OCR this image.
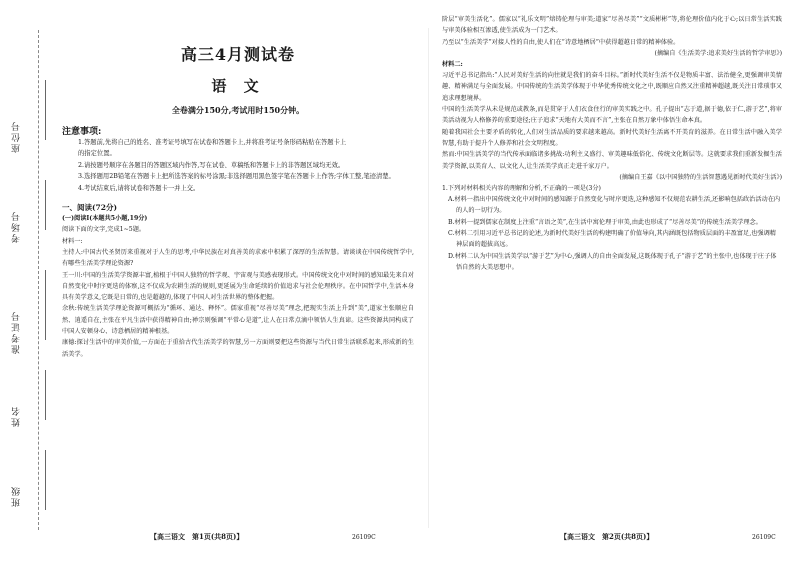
座位号
考场号
准考证号
姓名
班级
高三4月测试卷
语 文
全卷满分150分,考试用时150分钟。
注意事项:
1.答题前,先将自己的姓名、准考证号填写在试卷和答题卡上,并将准考证号条形码粘贴在答题卡上
的指定位置。
2.请按题号顺序在各题目的答题区域内作答,写在试卷、草稿纸和答题卡上的非答题区域均无效。
3.选择题用2B铅笔在答题卡上把所选答案的标号涂黑;非选择题用黑色签字笔在答题卡上作答;字体工整,笔迹清楚。
4.考试结束后,请将试卷和答题卡一并上交。
一、阅读(72分)
(一)阅读Ⅰ(本题共5小题,19分)
阅读下面的文字,完成1~5题。
材料一:
主持人:中国古代圣贤历来重视对于人生的思考,中华民族在对真善美的求索中积累了深厚的生活智慧。请谈谈在中国传统哲学中,有哪些生活美学理论资源?
王一川:中国的生活美学资源丰富,植根于中国人独特的哲学观、宇宙观与美感表现形式。中国传统文化中对时间的感知最先来自对自然变化中时序更迭的体察,这不仅成为农耕生活的规则,更延展为生命延续的价值追求与社会伦理秩序。在中国哲学中,生活本身具有美学意义,它既是日常的,也是超越的,体现了中国人对生活世界的整体把握。
余秋:传统生活美学理论资源可概括为“循环、通达、释怀”。儒家重视“尽善尽美”理念,把现实生活上升到“美”,道家主张顺应自然、逍遥自在,主张在平凡生活中获得精神自由;禅宗则强调“平常心是道”,让人在日常点滴中领悟人生真谛。这些资源共同构成了中国人安顿身心、诗意栖居的精神根基。
康德:探讨生活中的审美价值,一方面在于重拾古代生活美学的智慧,另一方面则要把这些资源与当代日常生活联系起来,形成新的生活美学。
【高三语文　第1页(共8页)】	26109C
阶层“审美生活化”。儒家以“礼乐文明”熔铸伦理与审美;道家“尽善尽美”“文质彬彬”等,将伦理价值内化于心;以日常生活实践与审美体验相互渗透,使生活成为一门艺术。
乃至以“生活美学”对接人性的自由,使人们在“诗意地栖居”中获得超越日常的精神体验。
(摘编自《生活美学:追求美好生活的哲学审思》)
材料二:
习近平总书记指出:“人民对美好生活的向往就是我们的奋斗目标。”新时代美好生活不仅是物质丰富、法治健全,更强调审美情趣、精神满足与全面发展。中国传统的生活美学体现于中华优秀传统文化之中,既顺应自然又注重精神超越,既关注日常琐事又追求理想境界。
中国的生活美学从未是规范或教条,而是贯穿于人们衣食住行的审美实践之中。孔子提出“志于道,据于德,依于仁,游于艺”,将审美活动视为人格修养的重要途径;庄子追求“天地有大美而不言”,主张在自然万象中体悟生命本真。
随着我国社会主要矛盾的转化,人们对生活品质的要求越来越高。新时代美好生活离不开美育的滋养。在日常生活中融入美学智慧,有助于提升个人修养和社会文明程度。
然而:中国生活美学的当代传承面临诸多挑战:功利主义盛行、审美趣味低俗化、传统文化断层等。这就要求我们重新发掘生活美学资源,以美育人、以文化人,让生活美学真正走进千家万户。
(摘编自王嘉《以中国独特的生活智慧遇见新时代美好生活》)
1.下列对材料相关内容的理解和分析,不正确的一项是(3分)
A.材料一指出中国传统文化中对时间的感知源于自然变化与时序更迭,这种感知不仅规范农耕生活,还影响包括政治活动在内的人的一切行为。
B.材料一提到儒家在制度上注重“言语之美”,在生活中寓伦理于审美,由此也形成了“尽善尽美”的传统生活美学理念。
C.材料二引用习近平总书记的论述,为新时代美好生活的构建明确了价值导向,其内涵既包括物质层面的丰盈富足,也强调精神层面的超拔高远。
D.材料二认为中国生活美学以“游于艺”为中心,强调人的自由全面发展,这既体现于孔子“游于艺”的主张中,也体现于庄子体悟自然的大美思想中。
【高三语文　第2页(共8页)】	26109C
